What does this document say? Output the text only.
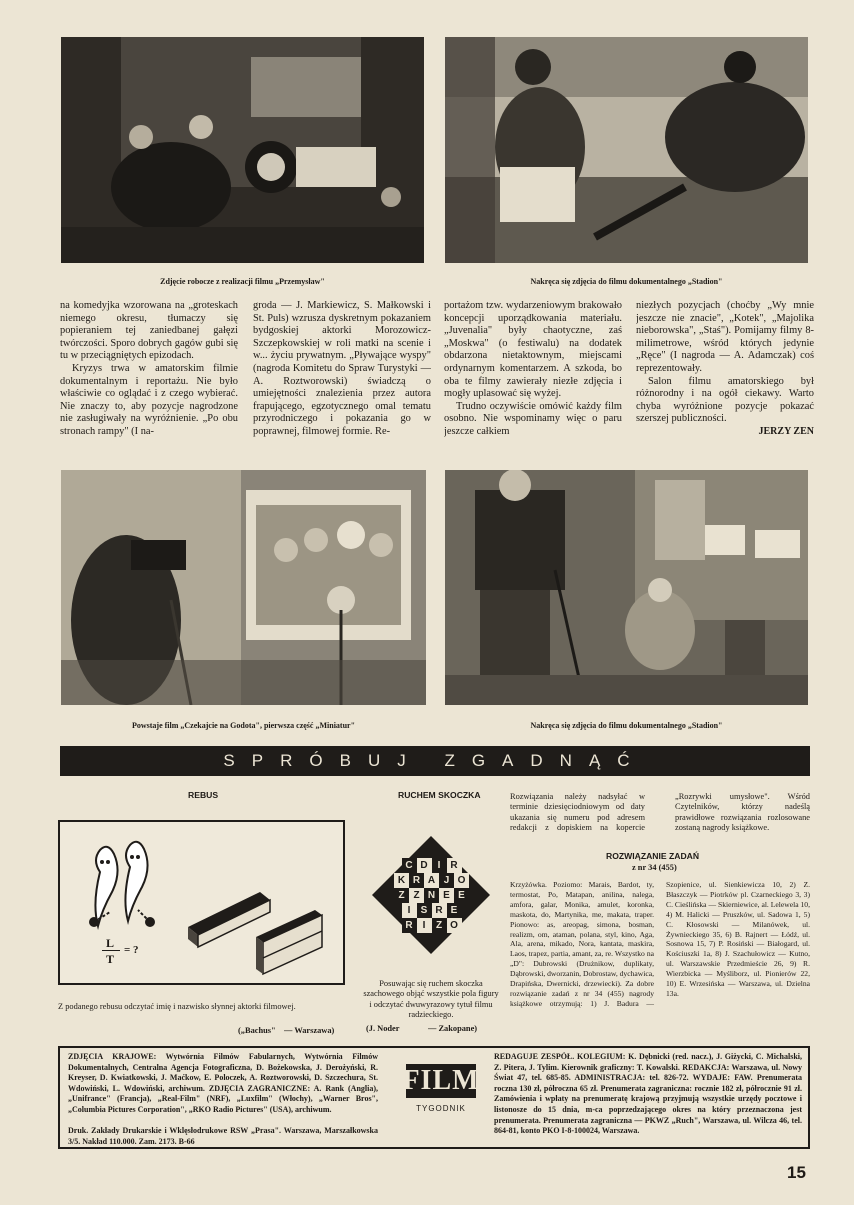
Zdjęcie robocze z realizacji filmu „Przemysław"	Nakręca się zdjęcia do filmu dokumentalnego „Stadion"

na komedyjka wzorowana na „groteskach niemego okresu, tłumaczy się popieraniem tej zaniedbanej gałęzi twórczości. Sporo dobrych gagów gubi się tu w przeciągniętych epizodach.

Kryzys trwa w amatorskim filmie dokumentalnym i reportażu. Nie było właściwie co oglądać i z czego wybierać. Nie znaczy to, aby pozycje nagrodzone nie zasługiwały na wyróżnienie. „Po obu stronach rampy" (I na-

groda — J. Markiewicz, S. Małkowski i St. Puls) wzrusza dyskretnym pokazaniem bydgoskiej aktorki Morozowicz-Szczepkowskiej w roli matki na scenie i w... życiu prywatnym. „Pływające wyspy" (nagroda Komitetu do Spraw Turystyki — A. Roztworowski) świadczą o umiejętności znalezienia przez autora frapującego, egzotycznego omal tematu przyrodniczego i pokazania go w poprawnej, filmowej formie. Re-

portażom tzw. wydarzeniowym brakowało koncepcji uporządkowania materiału. „Juvenalia" były chaotyczne, zaś „Moskwa" (o festiwalu) na dodatek obdarzona nietaktownym, miejscami ordynarnym komentarzem. A szkoda, bo oba te filmy zawierały niezłe zdjęcia i mogły uplasować się wyżej.

Trudno oczywiście omówić każdy film osobno. Nie wspominamy więc o paru jeszcze całkiem

niezłych pozycjach (choćby „Wy mnie jeszcze nie znacie", „Kotek", „Majolika nieborowska", „Staś"). Pomijamy filmy 8-milimetrowe, wśród których jedynie „Ręce" (I nagroda — A. Adamczak) coś reprezentowały.

Salon filmu amatorskiego był różnorodny i na ogół ciekawy. Warto chyba wyróżnione pozycje pokazać szerszej publiczności.

JERZY ZEN
Powstaje film „Czekajcie na Godota", pierwsza część „Miniatur"	Nakręca się zdjęcia do filmu dokumentalnego „Stadion"
SPRÓBUJ ZGADNĄĆ
REBUS
L
T
= ?
Z podanego rebusu odczytać imię i nazwisko słynnej aktorki filmowej.
(„Bachus" — Warszawa)
RUCHEM SKOCZKA
C D	I R
K R A J O
Z Z N E E
I	S R E
R	I	Z O
Posuwając się ruchem skoczka szachowego objąć wszystkie pola figury i odczytać dwuwyrazowy tytuł filmu radzieckiego.
(J. Noder	— Zakopane)
Rozwiązania należy nadsyłać w terminie dziesięciodniowym od daty ukazania się numeru pod adresem redakcji z dopiskiem na kopercie „Rozrywki umysłowe". Wśród Czytelników, którzy nadeślą prawidłowe rozwiązania rozlosowane zostaną nagrody książkowe.
ROZWIĄZANIE ZADAŃ
z nr 34 (455)
Krzyżówka. Poziomo: Marais, Bardot, ty, termostat, Po, Matapan, anilina, nalega, amfora, galar, Monika, amulet, koronka, maskota, do, Martynika, me, makata, traper. Pionowo: as, areopag, simona, bosman, realizm, om, ataman, polana, styl, kino, Aga, Ala, arena, mikado, Nora, kantata, maskira, Laos, trapez, partia, amant, za, re. Wszystko na „D": Dubrowski (Drużnikow, duplikaty, Dąbrowski, dworzanin, Dobrostaw, dychawica, Drapińska, Dwernicki, drzewiecki). Za dobre rozwiązanie zadań z nr 34 (455) nagrody książkowe otrzymują: 1) J. Badura — Szopienice, ul. Sienkiewicza 10, 2) Z. Błaszczyk — Piotrków pl. Czarneckiego 3, 3) C. Cieślińska — Skierniewice, al. Lelewela 10, 4) M. Halicki — Pruszków, ul. Sadowa 1, 5) C. Kłosowski — Milanówek, ul. Żywnieckiego 35, 6) B. Rajnert — Łódź, ul. Sosnowa 15, 7) P. Rosiński — Białogard, ul. Kościuszki 1a, 8) J. Szachułowicz — Kutno, ul. Warszawskie Przedmieście 26, 9) R. Wierzbicka — Myśliborz, ul. Pionierów 22, 10) E. Wrzesińska — Warszawa, ul. Dzielna 13a.
ZDJĘCIA KRAJOWE: Wytwórnia Filmów Fabularnych, Wytwórnia Filmów Dokumentalnych, Centralna Agencja Fotograficzna, D. Bożekowska, J. Derożyński, R. Kreyser, D. Kwiatkowski, J. Maćkow, E. Poloczek, A. Roztworowski, D. Szczechura, St. Wdowiński, L. Wdowiński, archiwum. ZDJĘCIA ZAGRANICZNE: A. Rank (Anglia), „Unifrance" (Francja), „Real-Film" (NRF), „Luxfilm" (Włochy), „Warner Bros", „Columbia Pictures Corporation", „RKO Radio Pictures" (USA), archiwum.
Druk. Zakłady Drukarskie i Wklęsłodrukowe RSW „Prasa". Warszawa, Marszałkowska 3/5. Nakład 110.000. Zam. 2173. B-66
FILM
TYGODNIK
REDAGUJE ZESPÓŁ. KOLEGIUM: K. Dębnicki (red. nacz.), J. Giżycki, C. Michalski, Z. Pitera, J. Tylim. Kierownik graficzny: T. Kowalski. REDAKCJA: Warszawa, ul. Nowy Świat 47, tel. 685-85. ADMINISTRACJA: tel. 826-72. WYDAJE: FAW. Prenumerata roczna 130 zł, półroczna 65 zł. Prenumerata zagraniczna: rocznie 182 zł, półrocznie 91 zł. Zamówienia i wpłaty na prenumeratę krajową przyjmują wszystkie urzędy pocztowe i listonosze do 15 dnia, m-ca poprzedzającego okres na który przeznaczona jest prenumerata. Prenumerata zagraniczna — PKWZ „Ruch", Warszawa, ul. Wilcza 46, tel. 864-81, konto PKO I-8-100024, Warszawa.
15
